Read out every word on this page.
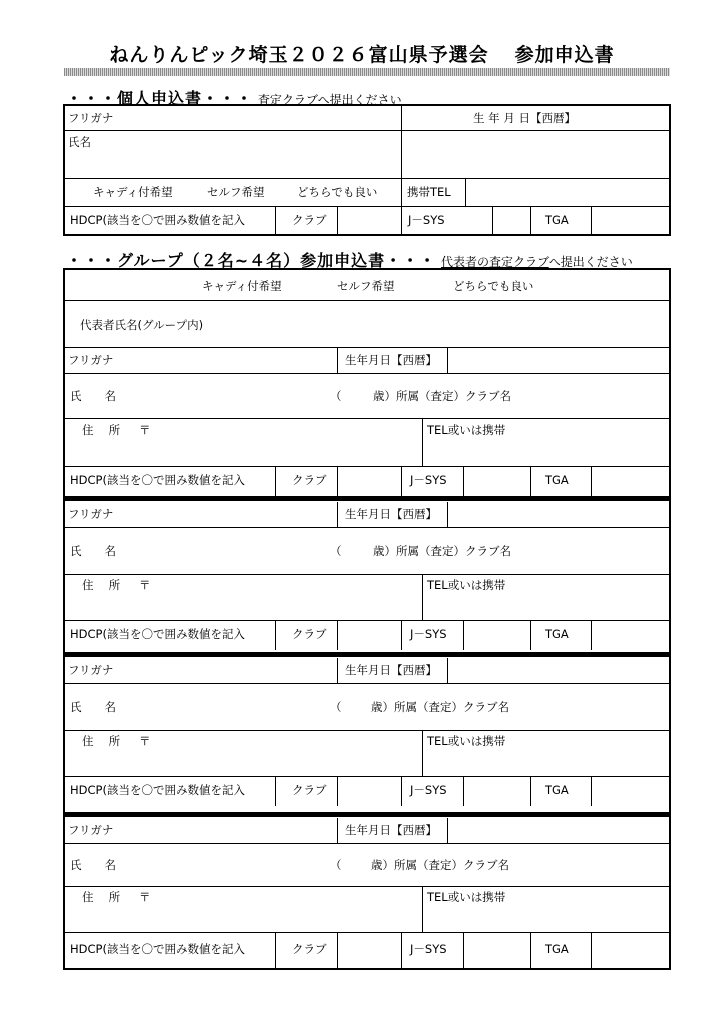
ねんりんピック埼玉２０２６富山県予選会 参加申込書
・・・個人申込書・・・ 査定クラブへ提出ください
フリガナ	生 年 月 日【西暦】
氏名
キャディ付希望	セルフ希望	どちらでも良い	携帯TEL
HDCP(該当を〇で囲み数値を記入	クラブ	J－SYS	TGA
・・・グループ（２名~４名）参加申込書・・・ 代表者の査定クラブへ提出ください
キャディ付希望	セルフ希望	どちらでも良い
代表者氏名(グループ内)
フリガナ	生年月日【西暦】
氏　　名	（	歳）所属（査定）クラブ名
住　 所 　 〒	TEL或いは携帯
HDCP(該当を〇で囲み数値を記入	クラブ	J－SYS	TGA
フリガナ	生年月日【西暦】
氏　　名	（	歳）所属（査定）クラブ名
住　 所 　 〒	TEL或いは携帯
HDCP(該当を〇で囲み数値を記入	クラブ	J－SYS	TGA
フリガナ	生年月日【西暦】
氏　　名	（	歳）所属（査定）クラブ名
住　 所 　 〒	TEL或いは携帯
HDCP(該当を〇で囲み数値を記入	クラブ	J－SYS	TGA
フリガナ	生年月日【西暦】
氏　　名	（	歳）所属（査定）クラブ名
住　 所 　 〒	TEL或いは携帯
HDCP(該当を〇で囲み数値を記入	クラブ	J－SYS	TGA
